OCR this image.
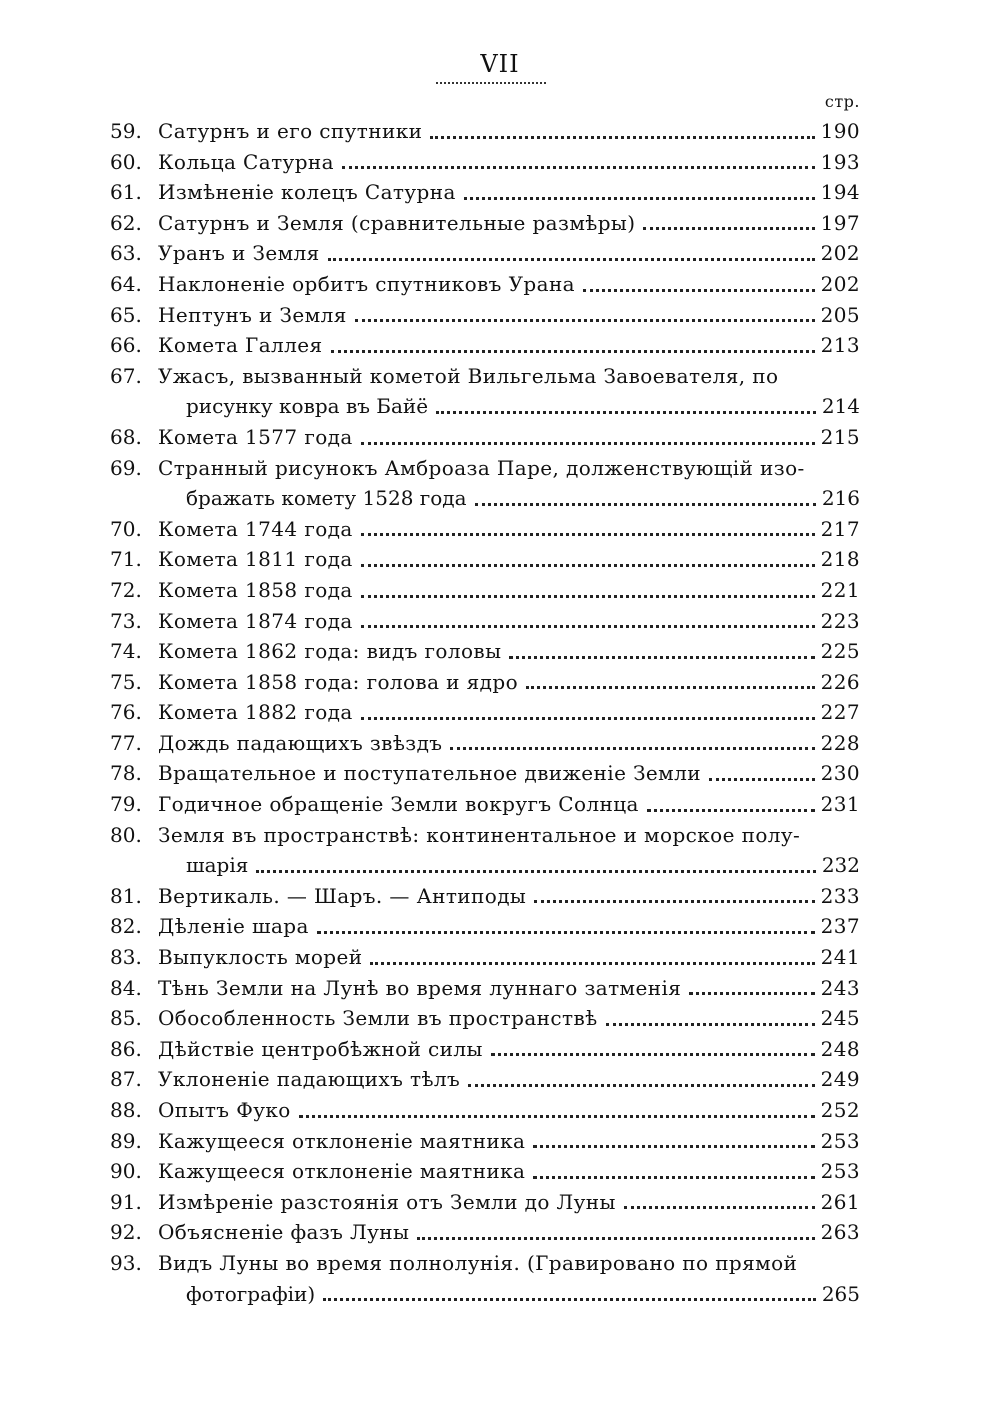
VII
стр.
59. Сатурнъ и его спутники	190
60. Кольца Сатурна	193
61. Измѣненіе колецъ Сатурна	194
62. Сатурнъ и Земля (сравнительные размѣры)	197
63. Уранъ и Земля	202
64. Наклоненіе орбитъ спутниковъ Урана	202
65. Нептунъ и Земля	205
66. Комета Галлея	213
67. Ужасъ, вызванный кометой Вильгельма Завоевателя, по
рисунку ковра въ Байё	214
68. Комета 1577 года	215
69. Странный рисунокъ Амброаза Паре, долженствующій изо-
бражать комету 1528 года	216
70. Комета 1744 года	217
71. Комета 1811 года	218
72. Комета 1858 года	221
73. Комета 1874 года	223
74. Комета 1862 года: видъ головы	225
75. Комета 1858 года: голова и ядро	226
76. Комета 1882 года	227
77. Дождь падающихъ звѣздъ	228
78. Вращательное и поступательное движеніе Земли	230
79. Годичное обращеніе Земли вокругъ Солнца	231
80. Земля въ пространствѣ: континентальное и морское полу-
шарія	232
81. Вертикаль. — Шаръ. — Антиподы	233
82. Дѣленіе шара	237
83. Выпуклость морей	241
84. Тѣнь Земли на Лунѣ во время луннаго затменія	243
85. Обособленность Земли въ пространствѣ	245
86. Дѣйствіе центробѣжной силы	248
87. Уклоненіе падающихъ тѣлъ	249
88. Опытъ Фуко	252
89. Кажущееся отклоненіе маятника	253
90. Кажущееся отклоненіе маятника	253
91. Измѣреніе разстоянія отъ Земли до Луны	261
92. Объясненіе фазъ Луны	263
93. Видъ Луны во время полнолунія. (Гравировано по прямой
фотографіи)	265
